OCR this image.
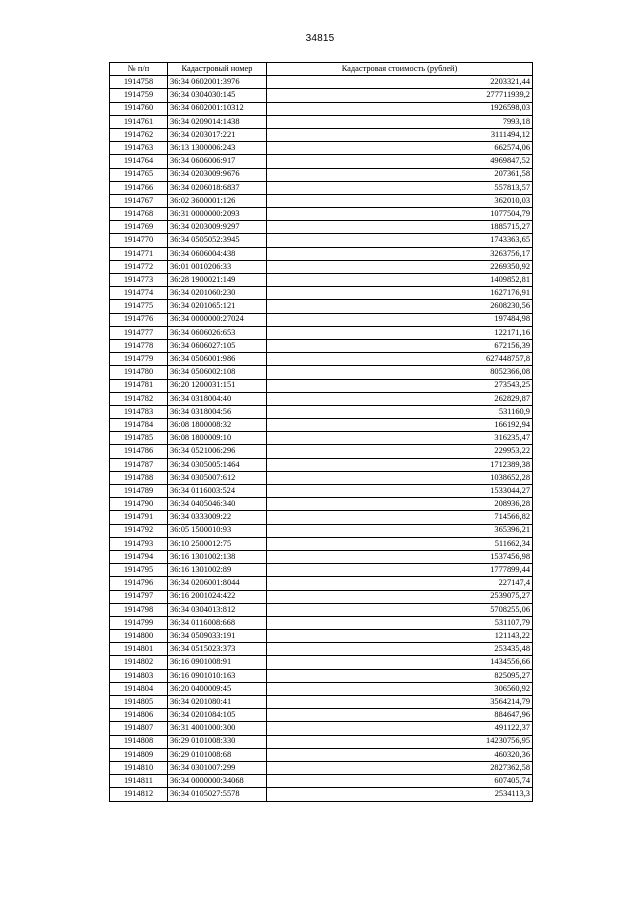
34815
№ п/п	Кадастровый номер	Кадастровая стоимость (рублей)
1914758	36:34 0602001:3976	2203321,44
1914759	36:34 0304030:145	277711939,2
1914760	36:34 0602001:10312	1926598,03
1914761	36:34 0209014:1438	7993,18
1914762	36:34 0203017:221	3111494,12
1914763	36:13 1300006:243	662574,06
1914764	36:34 0606006:917	4969847,52
1914765	36:34 0203009:9676	207361,58
1914766	36:34 0206018:6837	557813,57
1914767	36:02 3600001:126	362010,03
1914768	36:31 0000000:2093	1077504,79
1914769	36:34 0203009:9297	1885715,27
1914770	36:34 0505052:3945	1743363,65
1914771	36:34 0606004:438	3263756,17
1914772	36:01 0010206:33	2269350,92
1914773	36:28 1900021:149	1409852,81
1914774	36:34 0201060:230	1627176,91
1914775	36:34 0201065:121	2608230,56
1914776	36:34 0000000:27024	197484,98
1914777	36:34 0606026:653	122171,16
1914778	36:34 0606027:105	672156,39
1914779	36:34 0506001:986	627448757,8
1914780	36:34 0506002:108	8052366,08
1914781	36:20 1200031:151	273543,25
1914782	36:34 0318004:40	262829,87
1914783	36:34 0318004:56	531160,9
1914784	36:08 1800008:32	166192,94
1914785	36:08 1800009:10	316235,47
1914786	36:34 0521006:296	229953,22
1914787	36:34 0305005:1464	1712389,38
1914788	36:34 0305007:612	1038652,28
1914789	36:34 0116003:524	1533044,27
1914790	36:34 0405046:340	208936,28
1914791	36:34 0333009:22	714566,82
1914792	36:05 1500010:93	365396,21
1914793	36:10 2500012:75	511662,34
1914794	36:16 1301002:138	1537456,98
1914795	36:16 1301002:89	1777899,44
1914796	36:34 0206001:8044	227147,4
1914797	36:16 2001024:422	2539075,27
1914798	36:34 0304013:812	5708255,06
1914799	36:34 0116008:668	531107,79
1914800	36:34 0509033:191	121143,22
1914801	36:34 0515023:373	253435,48
1914802	36:16 0901008:91	1434556,66
1914803	36:16 0901010:163	825095,27
1914804	36:20 0400009:45	306560,92
1914805	36:34 0201080:41	3564214,79
1914806	36:34 0201084:105	884647,96
1914807	36:31 4001000:300	491122,37
1914808	36:29 0101008:330	14230756,95
1914809	36:29 0101008:68	460320,36
1914810	36:34 0301007:299	2827362,58
1914811	36:34 0000000:34068	607405,74
1914812	36:34 0105027:5578	2534113,3
